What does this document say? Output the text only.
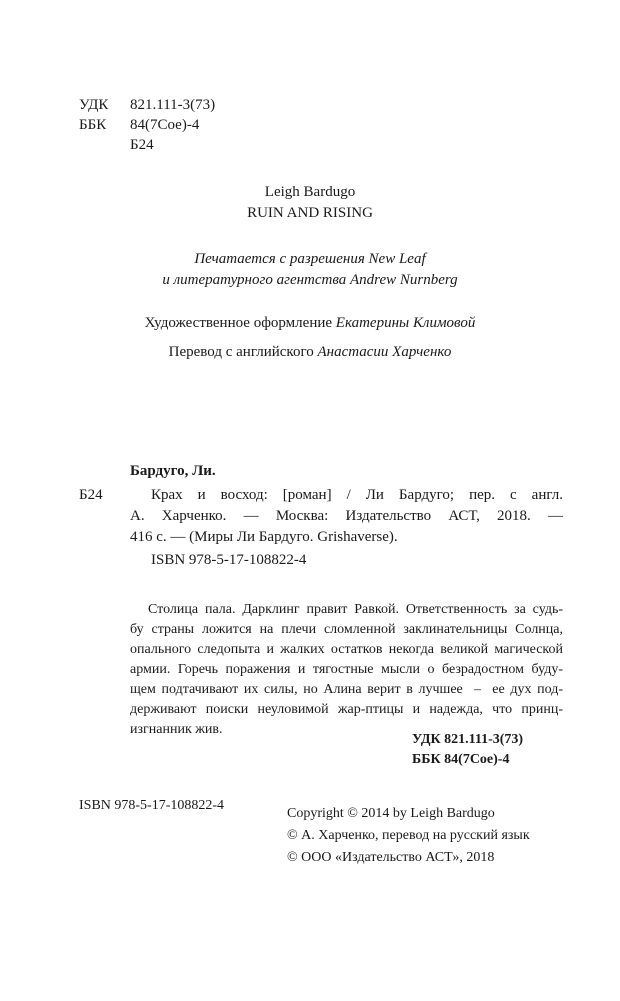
УДК 821.111-3(73)
ББК 84(7Сое)-4
Б24
Leigh Bardugo
RUIN AND RISING
Печатается с разрешения New Leaf
и литературного агентства Andrew Nurnberg
Художественное оформление Екатерины Климовой
Перевод с английского Анастасии Харченко
Бардуго, Ли.
Б24	Крах и восход: [роман] / Ли Бардуго; пер. с англ.
А. Харченко. — Москва: Издательство АСТ, 2018. —
416 с. — (Миры Ли Бардуго. Grishaverse).
ISBN 978-5-17-108822-4
Столица пала. Дарклинг правит Равкой. Ответственность за судь-
бу страны ложится на плечи сломленной заклинательницы Солнца,
опального следопыта и жалких остатков некогда великой магической
армии. Горечь поражения и тягостные мысли о безрадостном буду-
щем подтачивают их силы, но Алина верит в лучшее  –  ее дух под-
держивают поиски неуловимой жар-птицы и надежда, что принц-
изгнанник жив.
УДК 821.111-3(73)
ББК 84(7Сое)-4
ISBN 978-5-17-108822-4
Copyright © 2014 by Leigh Bardugo
© А. Харченко, перевод на русский язык
© ООО «Издательство АСТ», 2018
